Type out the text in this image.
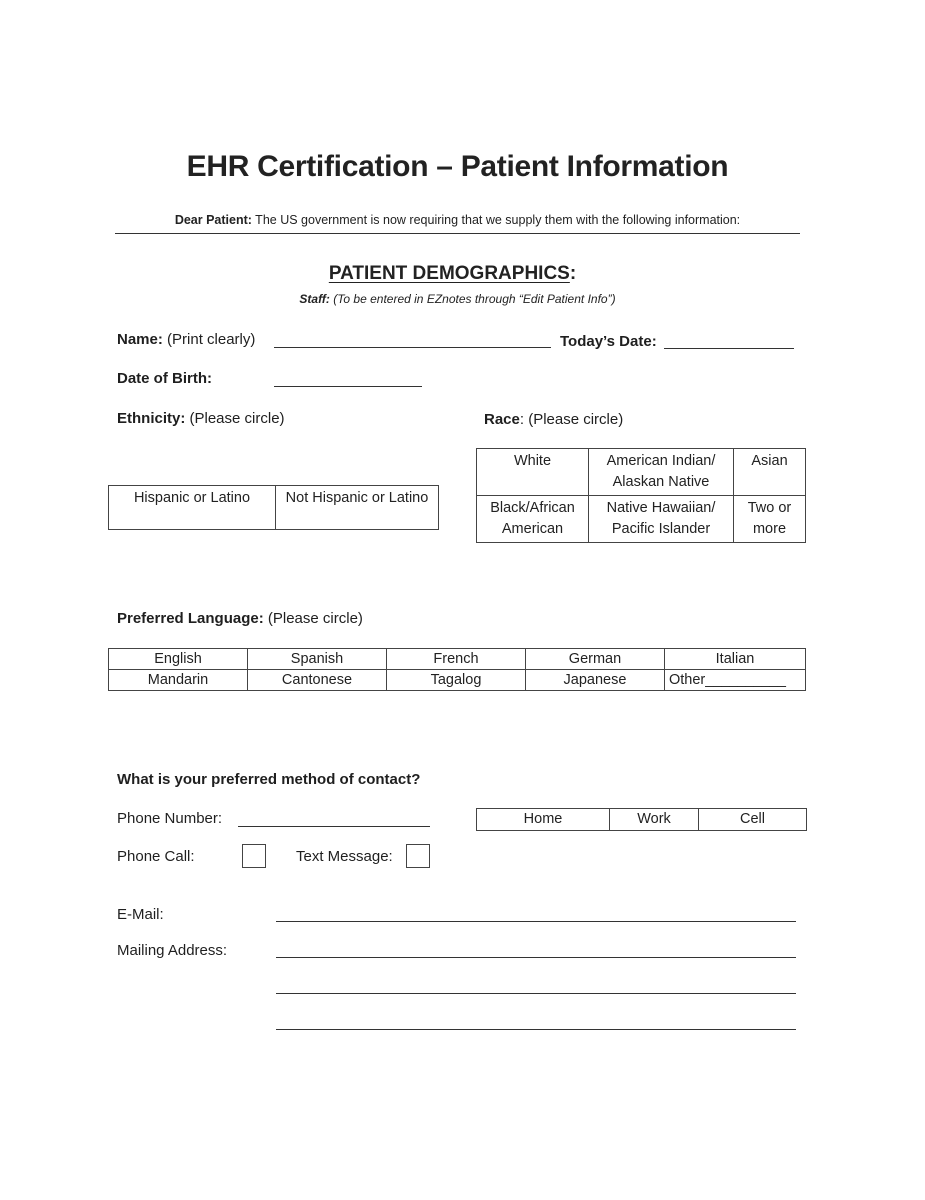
EHR Certification – Patient Information
Dear Patient: The US government is now requiring that we supply them with the following information:
PATIENT DEMOGRAPHICS:
Staff: (To be entered in EZnotes through “Edit Patient Info”)
Name: (Print clearly)	Today’s Date:
Date of Birth:
Ethnicity: (Please circle)	Race: (Please circle)
Hispanic or Latino	Not Hispanic or Latino
White	American Indian/ Alaskan Native	Asian
Black/African American	Native Hawaiian/ Pacific Islander	Two or more
Preferred Language: (Please circle)
English	Spanish	French	German	Italian
Mandarin	Cantonese	Tagalog	Japanese	Other__________
What is your preferred method of contact?
Phone Number:	Home	Work	Cell
Phone Call:	Text Message:
E-Mail:
Mailing Address:
